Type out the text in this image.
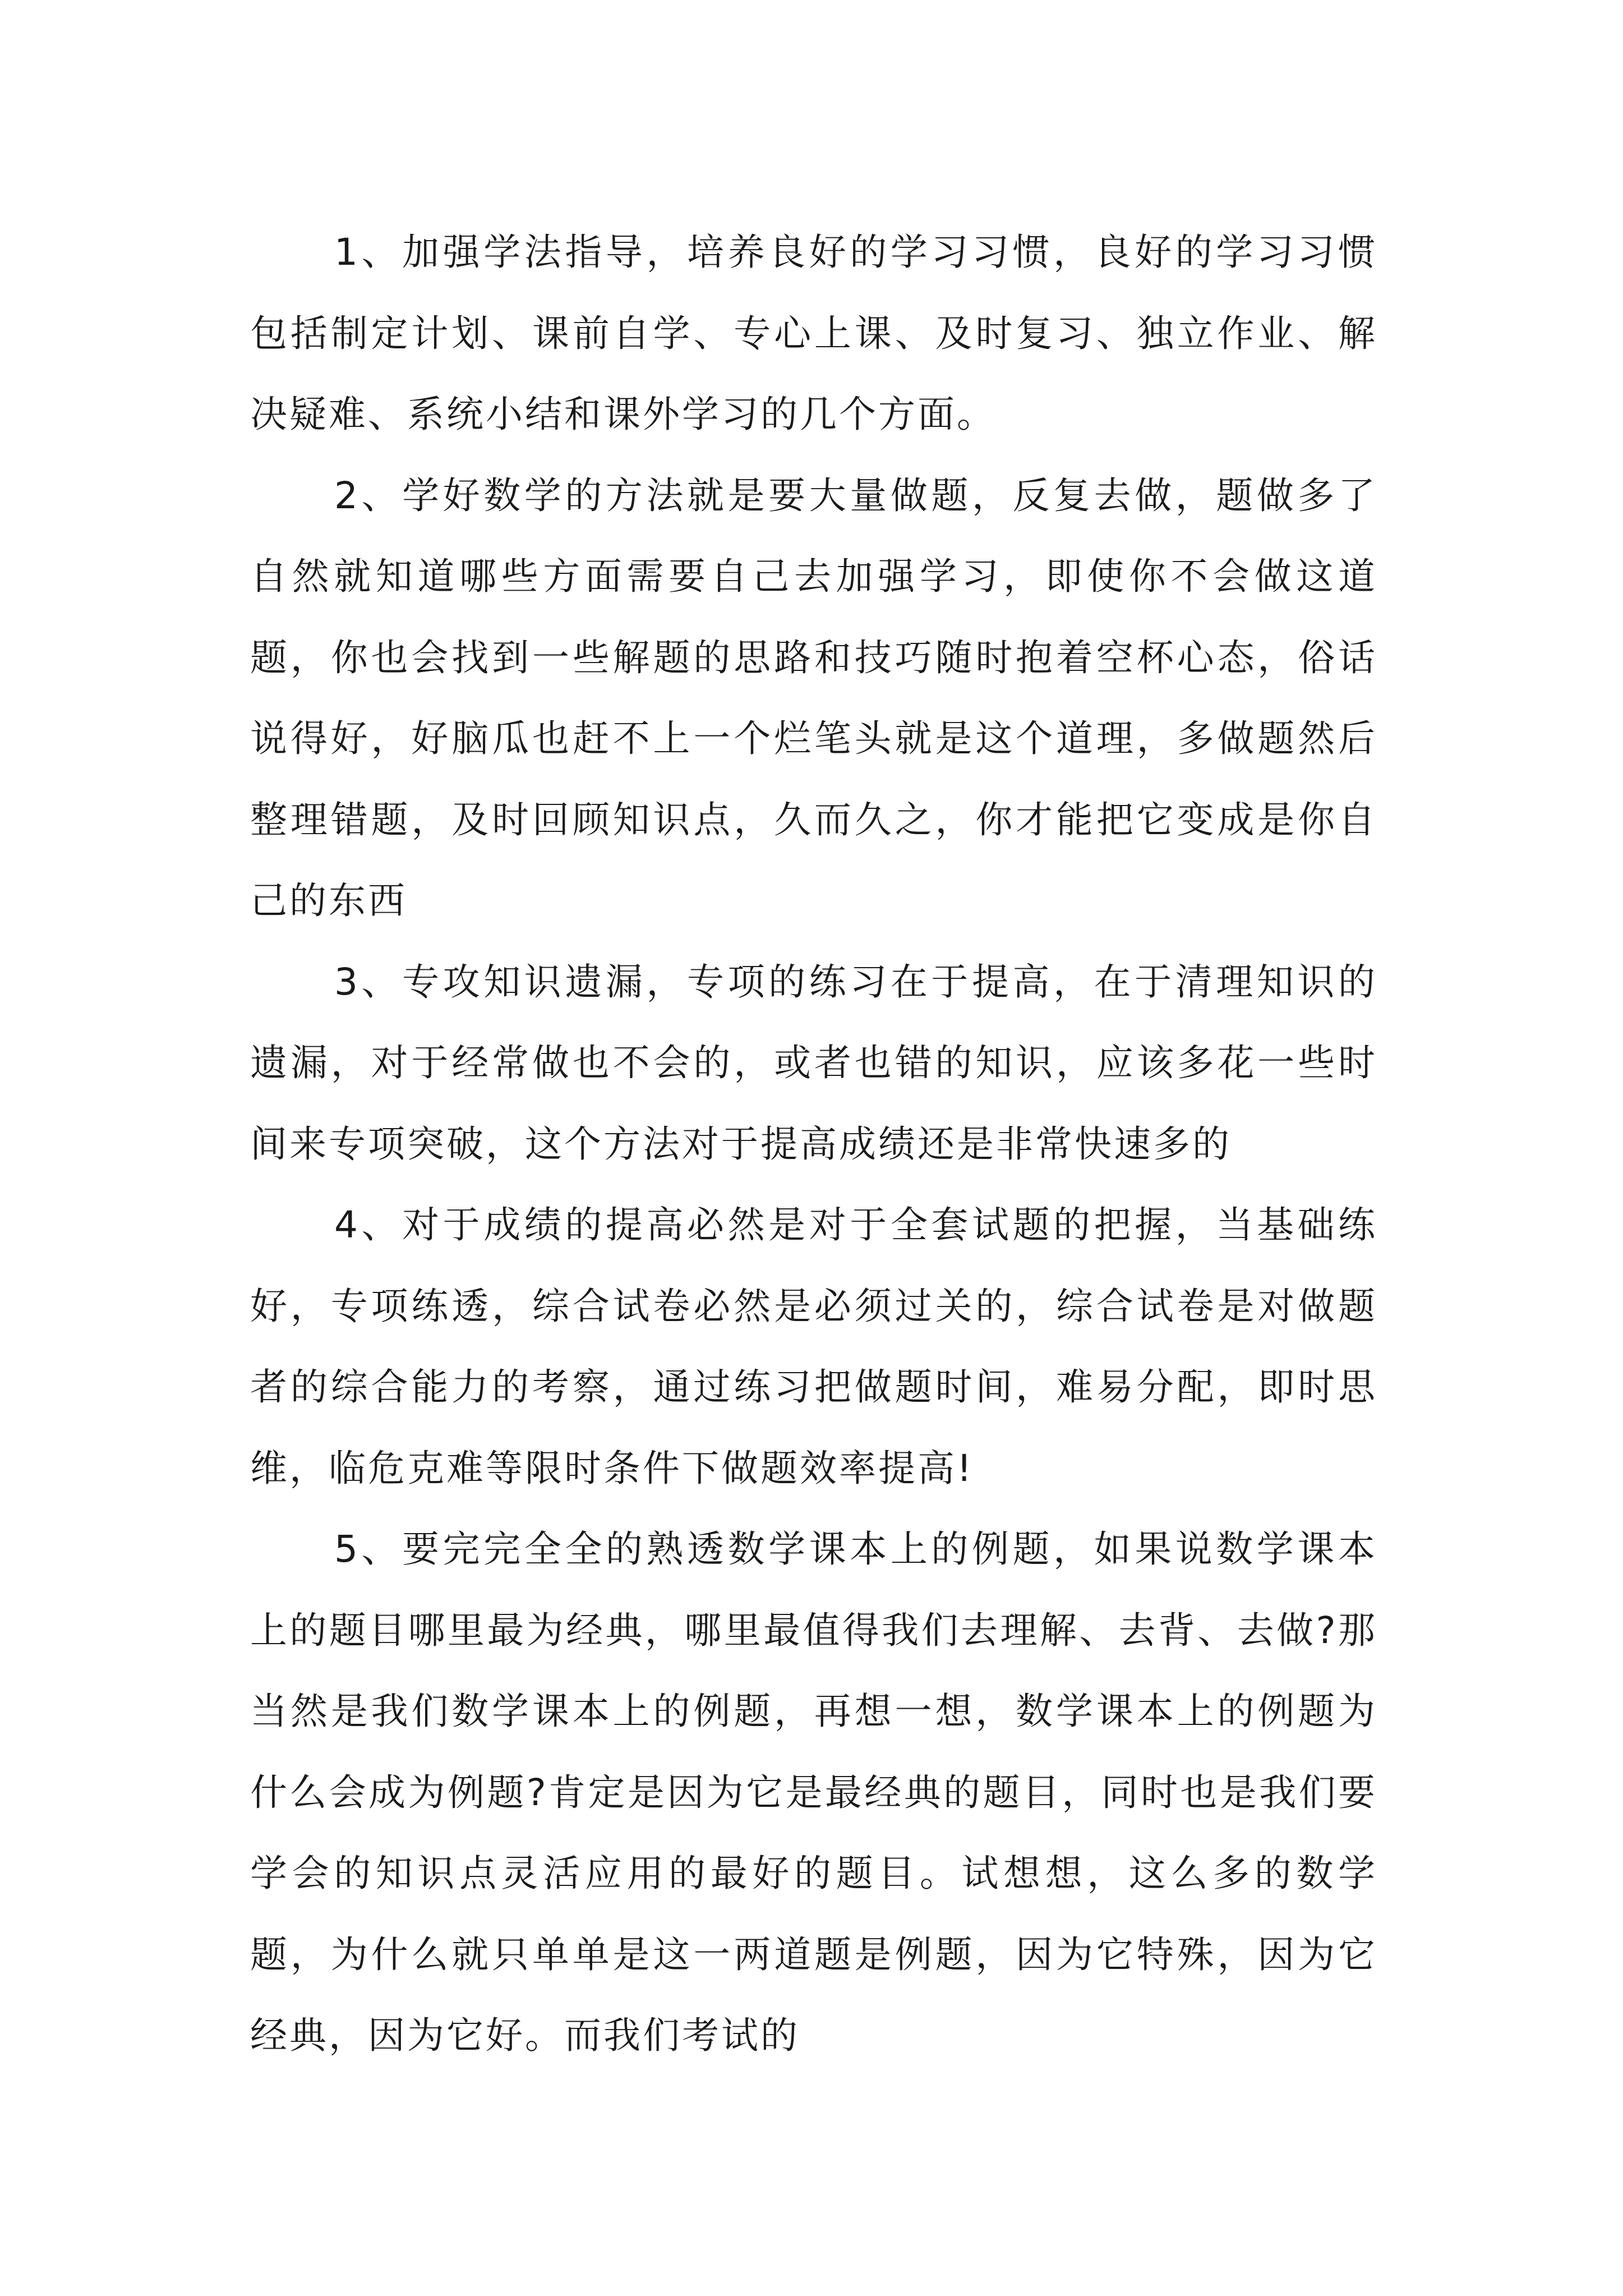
1、加强学法指导，培养良好的学习习惯，良好的学习习惯包括制定计划、课前自学、专心上课、及时复习、独立作业、解决疑难、系统小结和课外学习的几个方面。

2、学好数学的方法就是要大量做题，反复去做，题做多了自然就知道哪些方面需要自己去加强学习，即使你不会做这道题，你也会找到一些解题的思路和技巧随时抱着空杯心态，俗话说得好，好脑瓜也赶不上一个烂笔头就是这个道理，多做题然后整理错题，及时回顾知识点，久而久之，你才能把它变成是你自己的东西

3、专攻知识遗漏，专项的练习在于提高，在于清理知识的遗漏，对于经常做也不会的，或者也错的知识，应该多花一些时间来专项突破，这个方法对于提高成绩还是非常快速多的

4、对于成绩的提高必然是对于全套试题的把握，当基础练好，专项练透，综合试卷必然是必须过关的，综合试卷是对做题者的综合能力的考察，通过练习把做题时间，难易分配，即时思维，临危克难等限时条件下做题效率提高!

5、要完完全全的熟透数学课本上的例题，如果说数学课本上的题目哪里最为经典，哪里最值得我们去理解、去背、去做?那当然是我们数学课本上的例题，再想一想，数学课本上的例题为什么会成为例题?肯定是因为它是最经典的题目，同时也是我们要学会的知识点灵活应用的最好的题目。试想想，这么多的数学题，为什么就只单单是这一两道题是例题，因为它特殊，因为它经典，因为它好。而我们考试的
